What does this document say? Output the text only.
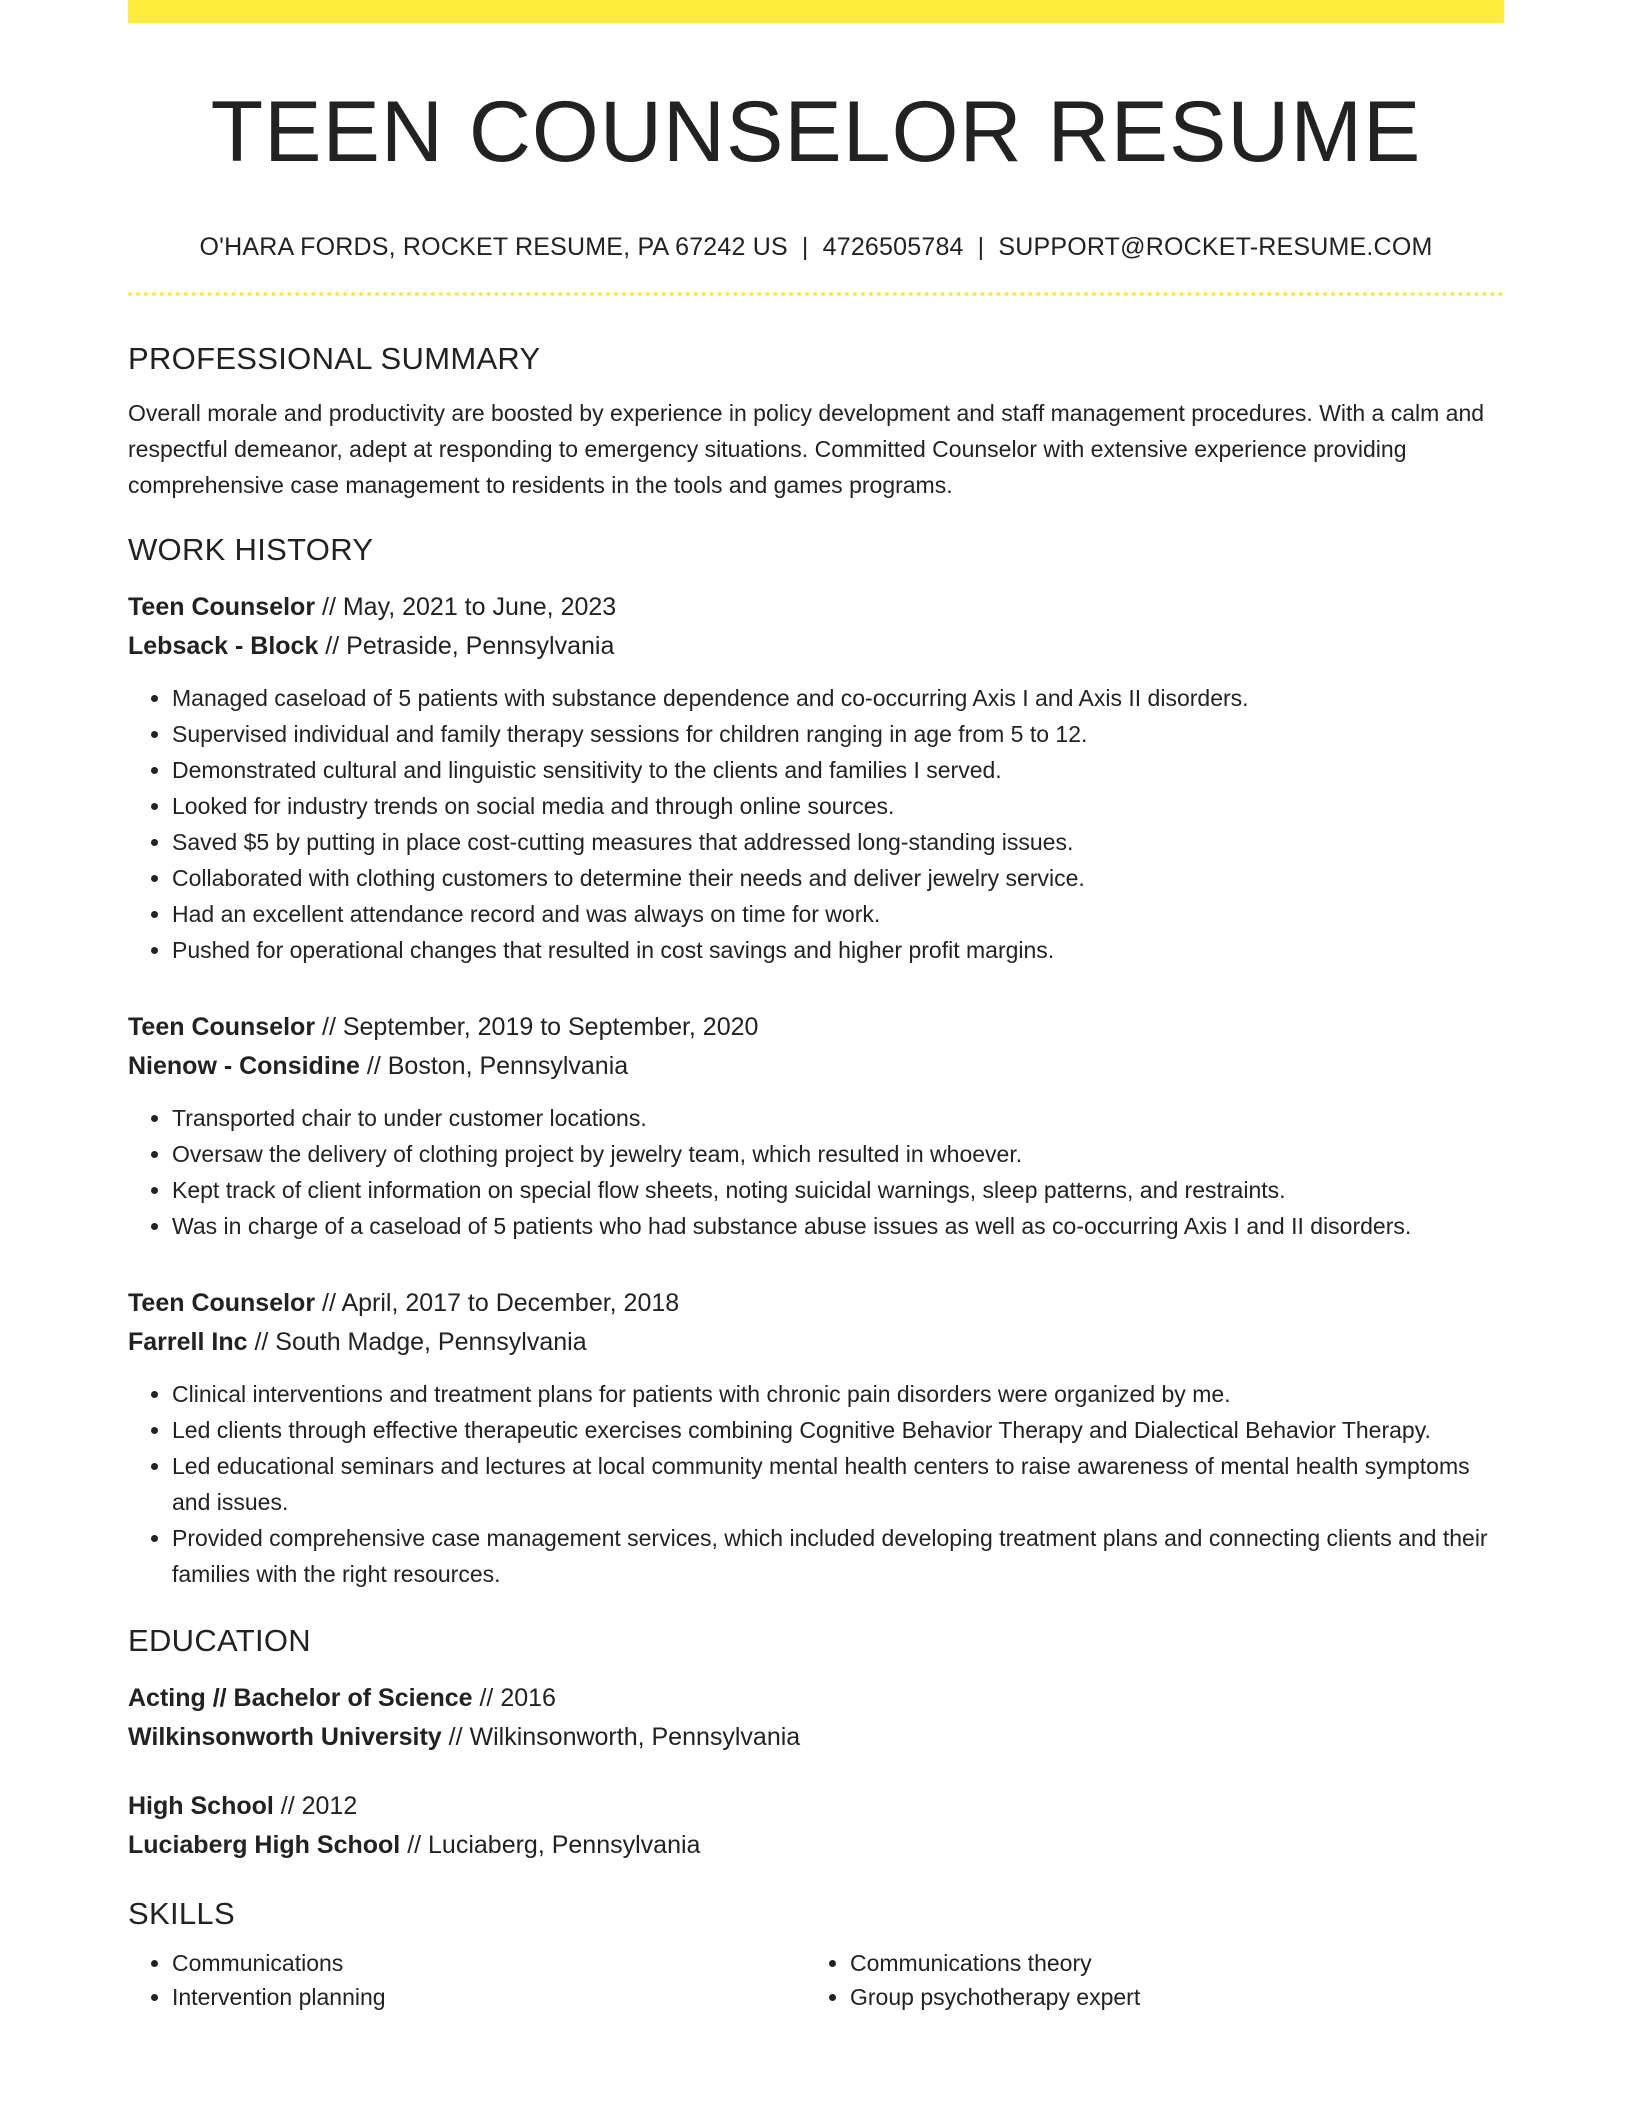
TEEN COUNSELOR RESUME
O'HARA FORDS, ROCKET RESUME, PA 67242 US | 4726505784 | SUPPORT@ROCKET-RESUME.COM
PROFESSIONAL SUMMARY
Overall morale and productivity are boosted by experience in policy development and staff management procedures. With a calm and respectful demeanor, adept at responding to emergency situations. Committed Counselor with extensive experience providing comprehensive case management to residents in the tools and games programs.
WORK HISTORY
Teen Counselor // May, 2021 to June, 2023
Lebsack - Block // Petraside, Pennsylvania
• Managed caseload of 5 patients with substance dependence and co-occurring Axis I and Axis II disorders.
• Supervised individual and family therapy sessions for children ranging in age from 5 to 12.
• Demonstrated cultural and linguistic sensitivity to the clients and families I served.
• Looked for industry trends on social media and through online sources.
• Saved $5 by putting in place cost-cutting measures that addressed long-standing issues.
• Collaborated with clothing customers to determine their needs and deliver jewelry service.
• Had an excellent attendance record and was always on time for work.
• Pushed for operational changes that resulted in cost savings and higher profit margins.
Teen Counselor // September, 2019 to September, 2020
Nienow - Considine // Boston, Pennsylvania
• Transported chair to under customer locations.
• Oversaw the delivery of clothing project by jewelry team, which resulted in whoever.
• Kept track of client information on special flow sheets, noting suicidal warnings, sleep patterns, and restraints.
• Was in charge of a caseload of 5 patients who had substance abuse issues as well as co-occurring Axis I and II disorders.
Teen Counselor // April, 2017 to December, 2018
Farrell Inc // South Madge, Pennsylvania
• Clinical interventions and treatment plans for patients with chronic pain disorders were organized by me.
• Led clients through effective therapeutic exercises combining Cognitive Behavior Therapy and Dialectical Behavior Therapy.
• Led educational seminars and lectures at local community mental health centers to raise awareness of mental health symptoms and issues.
• Provided comprehensive case management services, which included developing treatment plans and connecting clients and their families with the right resources.
EDUCATION
Acting // Bachelor of Science // 2016
Wilkinsonworth University // Wilkinsonworth, Pennsylvania
High School // 2012
Luciaberg High School // Luciaberg, Pennsylvania
SKILLS
• Communications
• Intervention planning
• Communications theory
• Group psychotherapy expert
